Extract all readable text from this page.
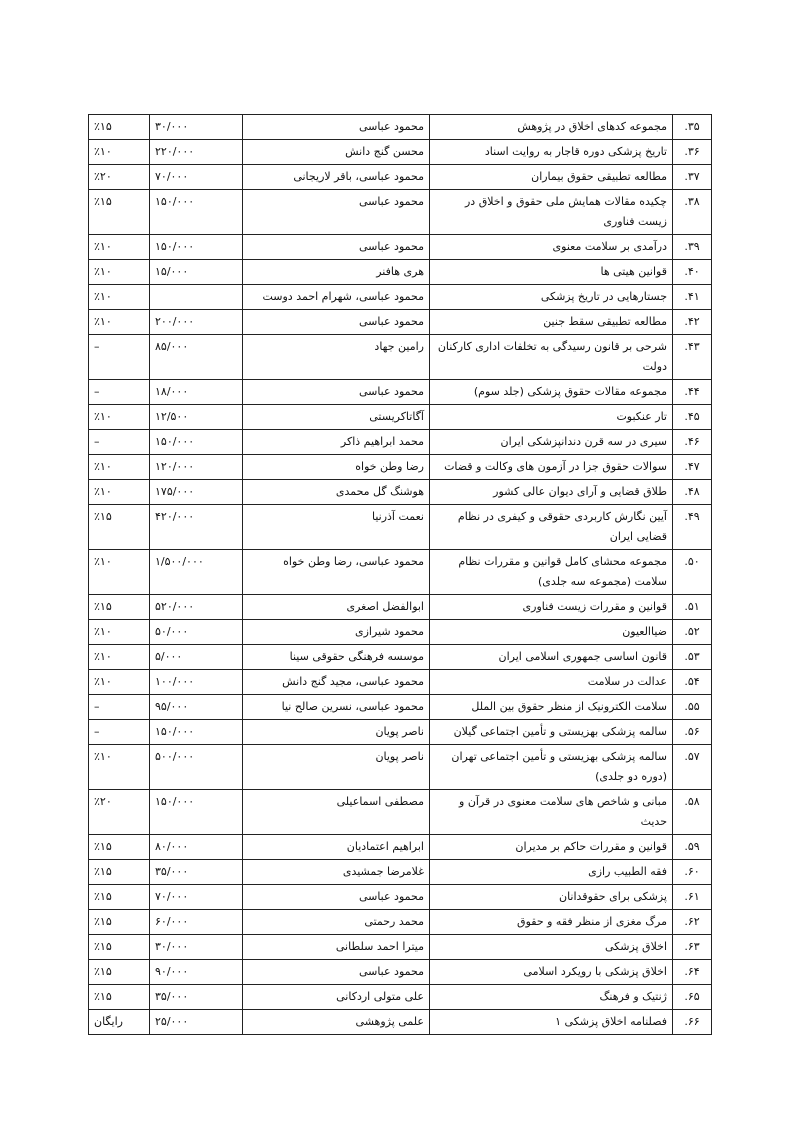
۳۵.	مجموعه کدهای اخلاق در پژوهش	محمود عباسی	۳۰/۰۰۰	٪۱۵
۳۶.	تاریخ پزشکی دوره قاجار به روایت اسناد	محسن گنج دانش	۲۲۰/۰۰۰	٪۱۰
۳۷.	مطالعه تطبیقی حقوق بیماران	محمود عباسی، باقر لاریجانی	۷۰/۰۰۰	٪۲۰
۳۸.	چکیده مقالات همایش ملی حقوق و اخلاق در زیست فناوری	محمود عباسی	۱۵۰/۰۰۰	٪۱۵
۳۹.	درآمدی بر سلامت معنوی	محمود عباسی	۱۵۰/۰۰۰	٪۱۰
۴۰.	قوانین هیتی ها	هری هافنر	۱۵/۰۰۰	٪۱۰
۴۱.	جستارهایی در تاریخ پزشکی	محمود عباسی، شهرام احمد دوست		٪۱۰
۴۲.	مطالعه تطبیقی سقط جنین	محمود عباسی	۲۰۰/۰۰۰	٪۱۰
۴۳.	شرحی بر قانون رسیدگی به تخلفات اداری کارکنان دولت	رامین جهاد	۸۵/۰۰۰	–
۴۴.	مجموعه مقالات حقوق پزشکی (جلد سوم)	محمود عباسی	۱۸/۰۰۰	–
۴۵.	تار عنکبوت	آگاتاکریستی	۱۲/۵۰۰	٪۱۰
۴۶.	سیری در سه قرن دندانپزشکی ایران	محمد ابراهیم ذاکر	۱۵۰/۰۰۰	–
۴۷.	سوالات حقوق جزا در آزمون های وکالت و قضات	رضا وطن خواه	۱۲۰/۰۰۰	٪۱۰
۴۸.	طلاق قضایی و آرای دیوان عالی کشور	هوشنگ گل محمدی	۱۷۵/۰۰۰	٪۱۰
۴۹.	آیین نگارش کاربردی حقوقی و کیفری در نظام قضایی ایران	نعمت آذرنیا	۴۲۰/۰۰۰	٪۱۵
۵۰.	مجموعه محشای کامل قوانین و مقررات نظام سلامت (مجموعه سه جلدی)	محمود عباسی، رضا وطن خواه	۱/۵۰۰/۰۰۰	٪۱۰
۵۱.	قوانین و مقررات زیست فناوری	ابوالفضل اصغری	۵۲۰/۰۰۰	٪۱۵
۵۲.	ضیاالعیون	محمود شیرازی	۵۰/۰۰۰	٪۱۰
۵۳.	قانون اساسی جمهوری اسلامی ایران	موسسه فرهنگی حقوقی سینا	۵/۰۰۰	٪۱۰
۵۴.	عدالت در سلامت	محمود عباسی، مجید گنج دانش	۱۰۰/۰۰۰	٪۱۰
۵۵.	سلامت الکترونیک از منظر حقوق بین الملل	محمود عباسی، نسرین صالح نیا	۹۵/۰۰۰	–
۵۶.	سالمه پزشکی بهزیستی و تأمین اجتماعی گیلان	ناصر پویان	۱۵۰/۰۰۰	–
۵۷.	سالمه پزشکی بهزیستی و تأمین اجتماعی تهران (دوره دو جلدی)	ناصر پویان	۵۰۰/۰۰۰	٪۱۰
۵۸.	مبانی و شاخص های سلامت معنوی در قرآن و حدیث	مصطفی اسماعیلی	۱۵۰/۰۰۰	٪۲۰
۵۹.	قوانین و مقررات حاکم بر مدیران	ابراهیم اعتمادیان	۸۰/۰۰۰	٪۱۵
۶۰.	فقه الطبیب رازی	غلامرضا جمشیدی	۳۵/۰۰۰	٪۱۵
۶۱.	پزشکی برای حقوقدانان	محمود عباسی	۷۰/۰۰۰	٪۱۵
۶۲.	مرگ مغزی از منظر فقه و حقوق	محمد رحمتی	۶۰/۰۰۰	٪۱۵
۶۳.	اخلاق پزشکی	میترا احمد سلطانی	۳۰/۰۰۰	٪۱۵
۶۴.	اخلاق پزشکی با رویکرد اسلامی	محمود عباسی	۹۰/۰۰۰	٪۱۵
۶۵.	ژنتیک و فرهنگ	علی متولی اردکانی	۳۵/۰۰۰	٪۱۵
۶۶.	فصلنامه اخلاق پزشکی ۱	علمی پژوهشی	۲۵/۰۰۰	رایگان
